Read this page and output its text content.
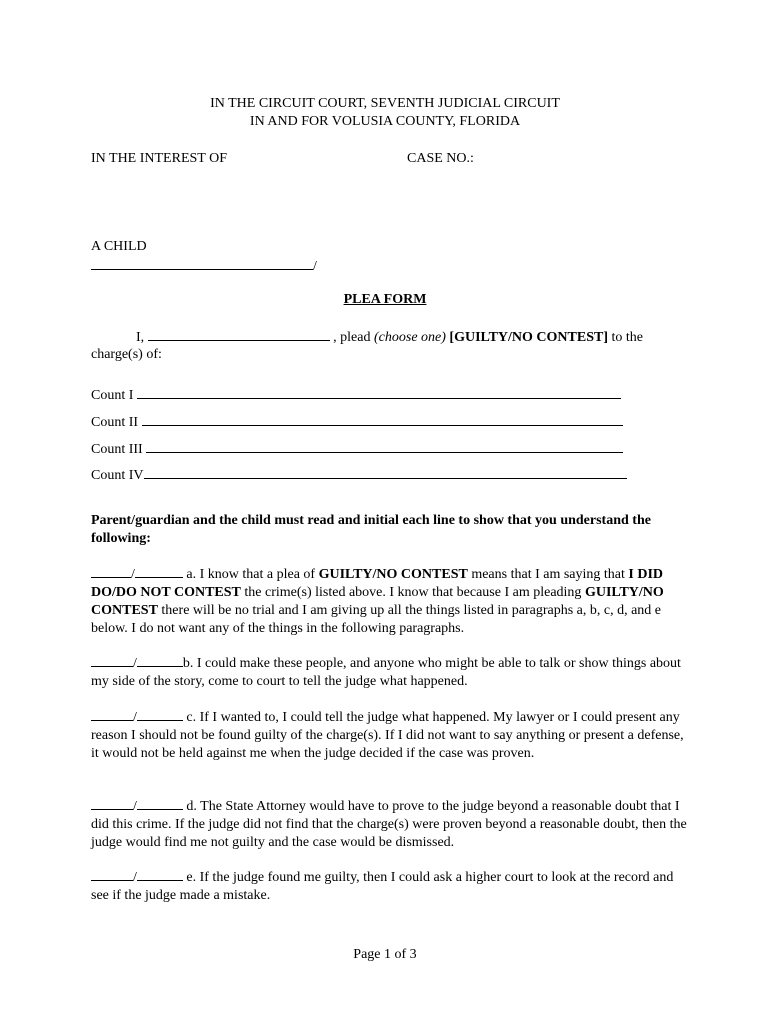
IN THE CIRCUIT COURT, SEVENTH JUDICIAL CIRCUIT
IN AND FOR VOLUSIA COUNTY, FLORIDA
IN THE INTEREST OF	CASE NO.:
A CHILD
/
PLEA FORM
I,	, plead (choose one) [GUILTY/NO CONTEST] to the
charge(s) of:
Count I
Count II
Count III
Count IV
Parent/guardian and the child must read and initial each line to show that you understand the following:
/	a. I know that a plea of GUILTY/NO CONTEST means that I am saying that I DID DO/DO NOT CONTEST the crime(s) listed above. I know that because I am pleading GUILTY/NO CONTEST there will be no trial and I am giving up all the things listed in paragraphs a, b, c, d, and e below. I do not want any of the things in the following paragraphs.
/	b. I could make these people, and anyone who might be able to talk or show things about my side of the story, come to court to tell the judge what happened.
/	c. If I wanted to, I could tell the judge what happened. My lawyer or I could present any reason I should not be found guilty of the charge(s). If I did not want to say anything or present a defense, it would not be held against me when the judge decided if the case was proven.
/	d. The State Attorney would have to prove to the judge beyond a reasonable doubt that I did this crime. If the judge did not find that the charge(s) were proven beyond a reasonable doubt, then the judge would find me not guilty and the case would be dismissed.
/	e. If the judge found me guilty, then I could ask a higher court to look at the record and see if the judge made a mistake.
Page 1 of 3
